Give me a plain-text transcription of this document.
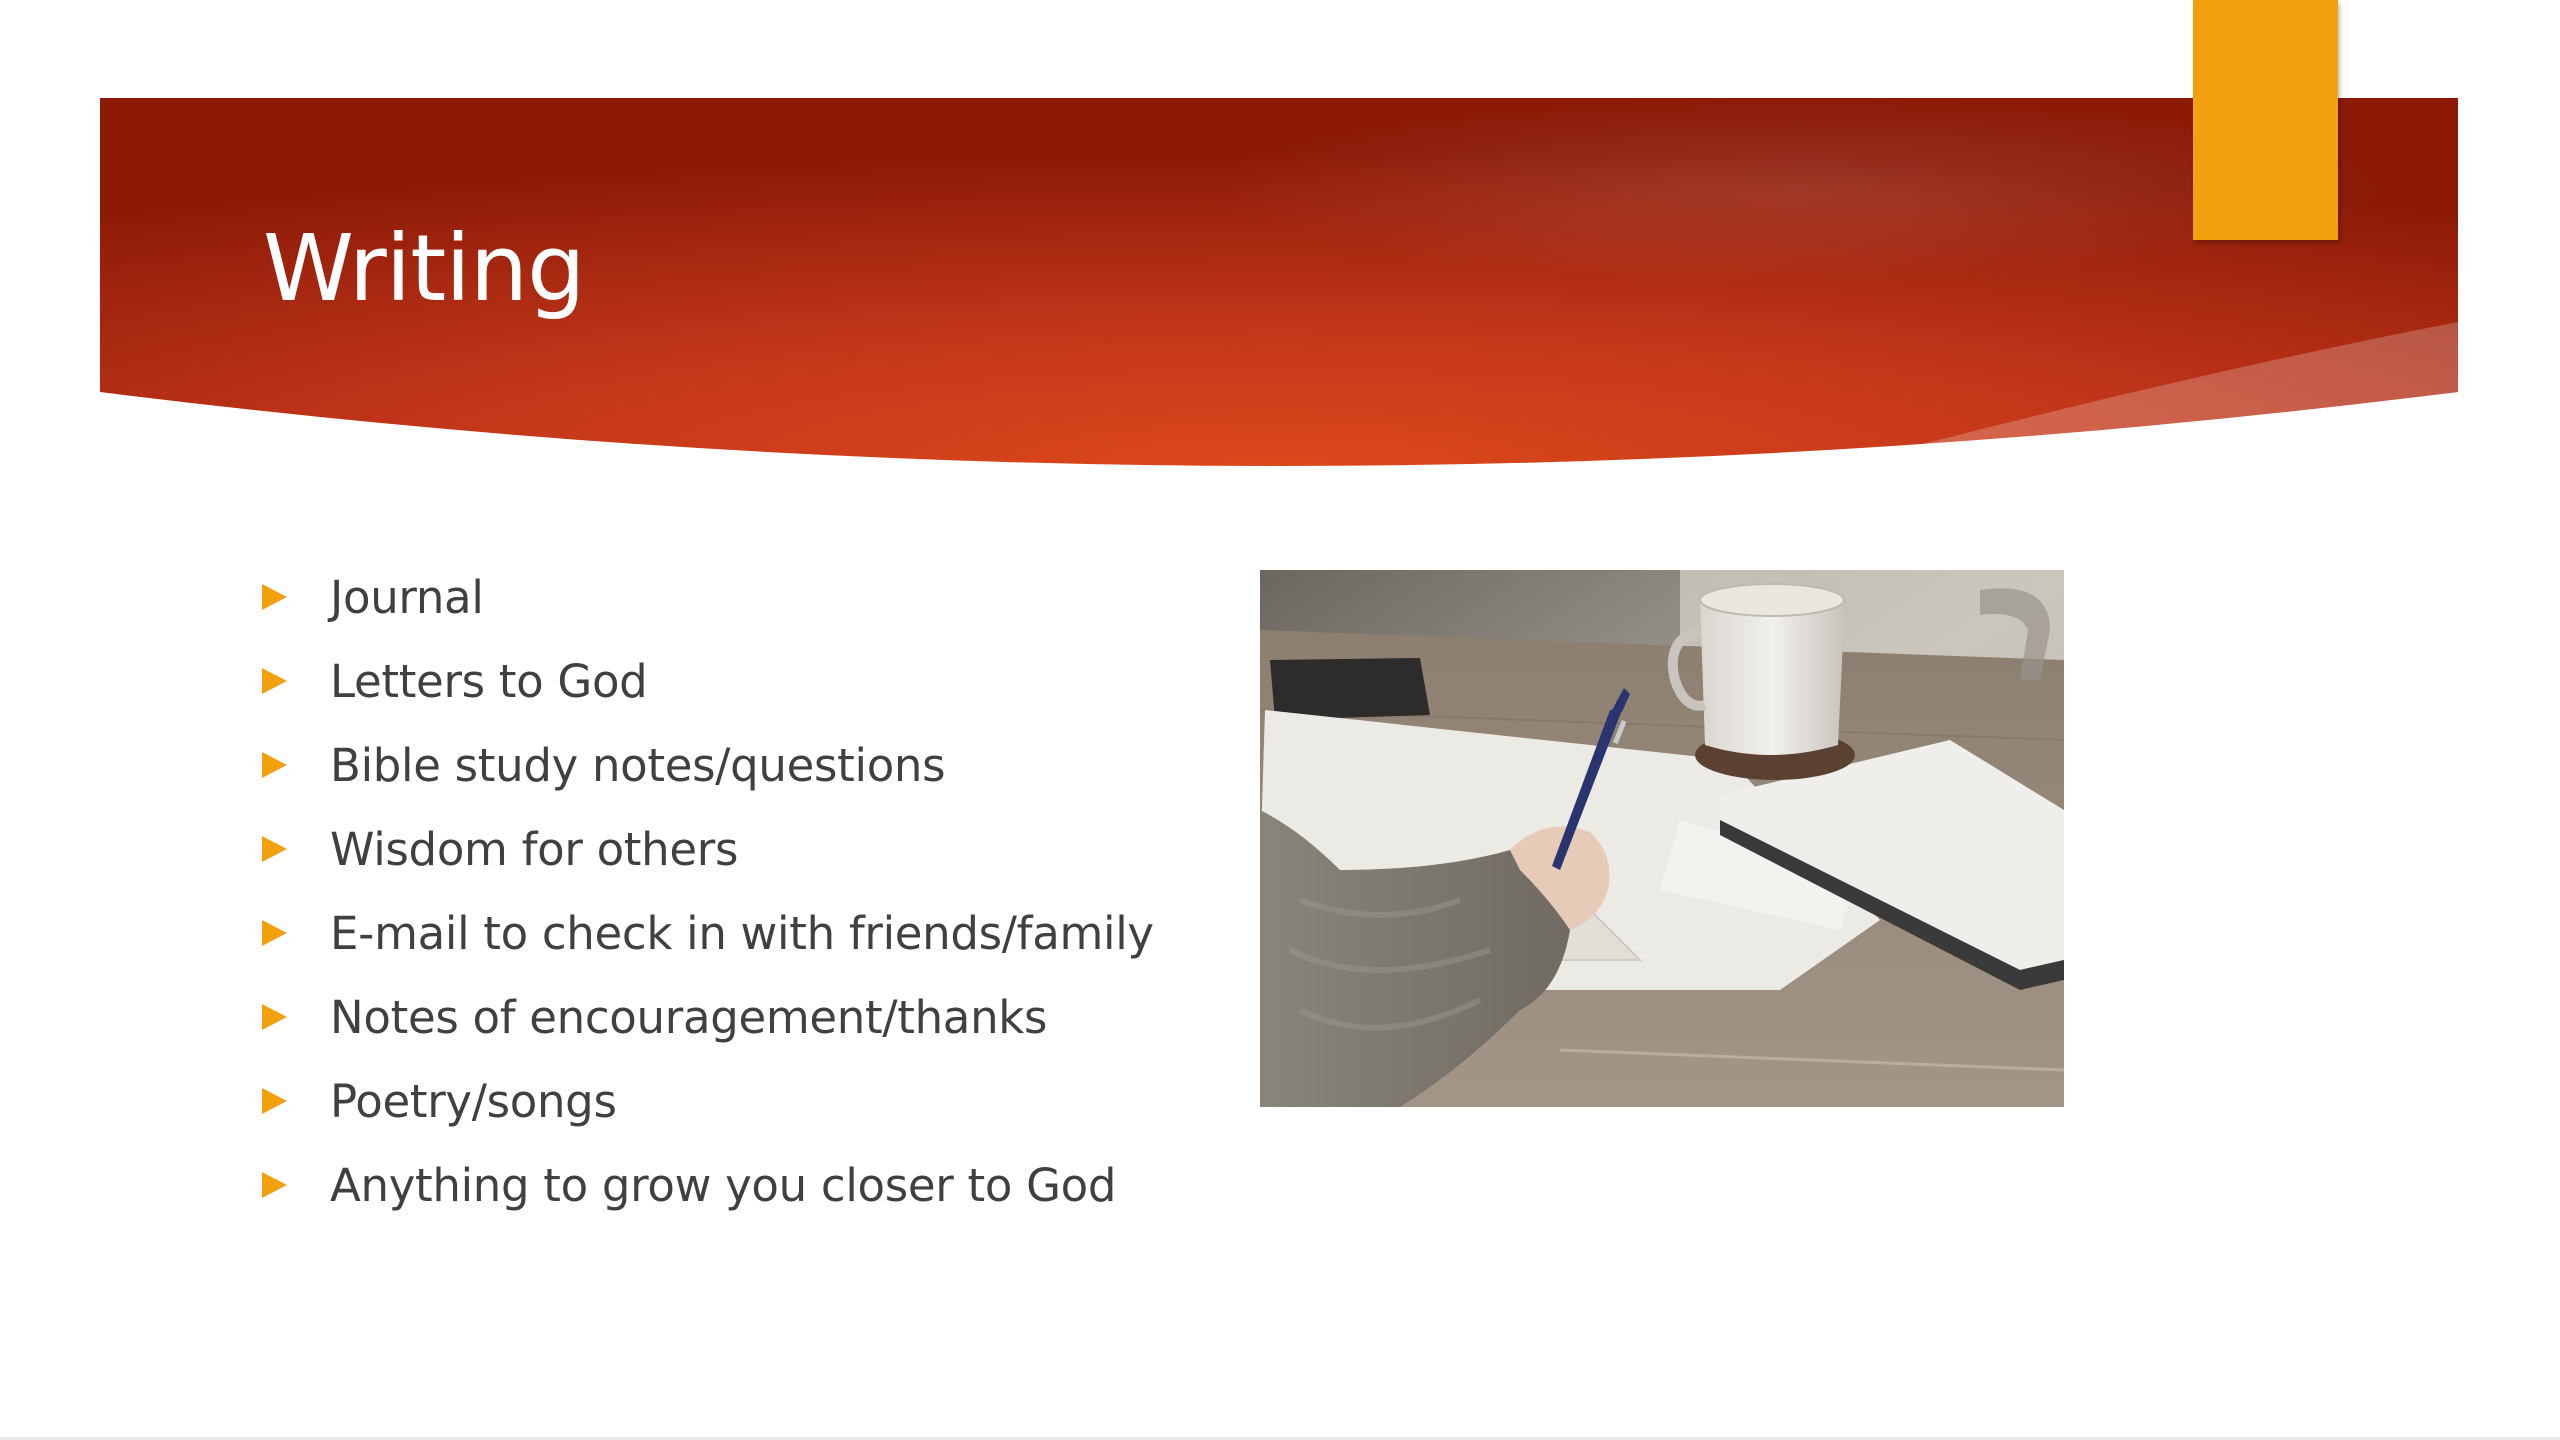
Writing
Journal
Letters to God
Bible study notes/questions
Wisdom for others
E-mail to check in with friends/family
Notes of encouragement/thanks
Poetry/songs
Anything to grow you closer to God
